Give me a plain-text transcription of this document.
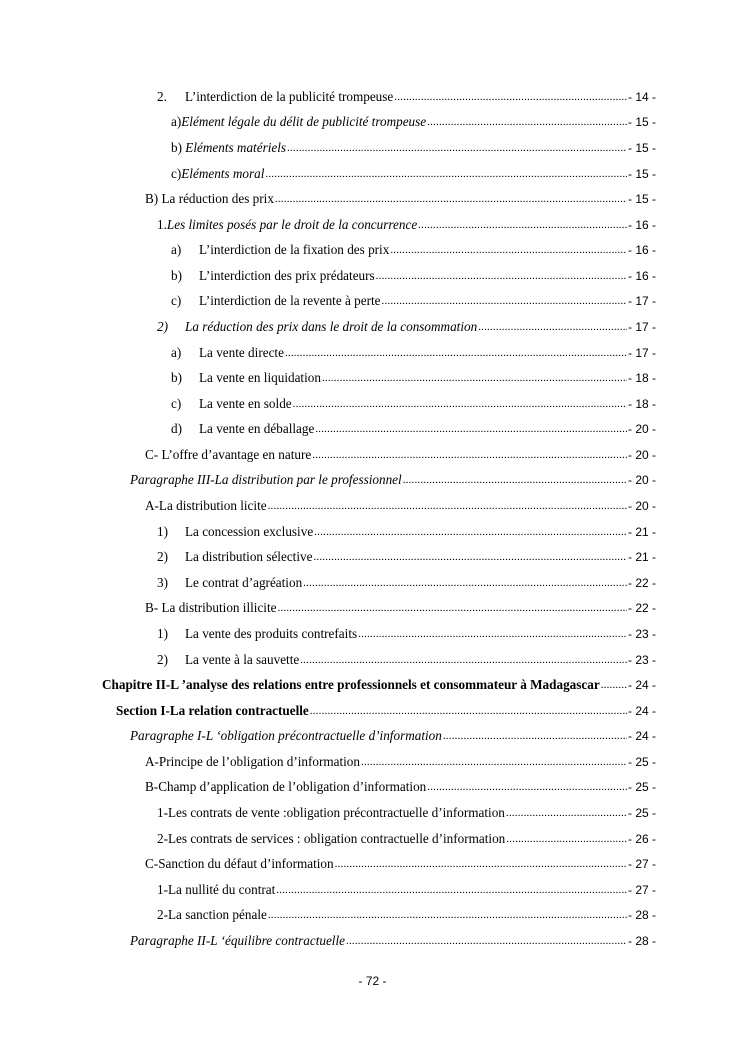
2. L’interdiction de la publicité trompeuse .....	- 14 -
a)Elément légale du délit de publicité trompeuse .....	- 15 -
b) Eléments matériels .....	- 15 -
c)Eléments moral .....	- 15 -
B) La réduction des prix .....	- 15 -
1.Les limites posés par le droit de la concurrence .....	- 16 -
a) L’interdiction de la fixation des prix .....	- 16 -
b) L’interdiction des prix prédateurs .....	- 16 -
c) L’interdiction de la revente à perte .....	- 17 -
2) La réduction des prix dans le droit de la consommation .....	- 17 -
a) La vente directe .....	- 17 -
b) La vente en liquidation .....	- 18 -
c) La vente en solde .....	- 18 -
d) La vente en déballage .....	- 20 -
C- L’offre d’avantage en nature .....	- 20 -
Paragraphe III-La distribution par le professionnel .....	- 20 -
A-La distribution licite .....	- 20 -
1) La concession exclusive .....	- 21 -
2) La distribution sélective .....	- 21 -
3) Le contrat d’agréation .....	- 22 -
B- La distribution illicite .....	- 22 -
1) La vente des produits contrefaits .....	- 23 -
2) La vente à la sauvette .....	- 23 -
Chapitre II-L ’analyse des relations entre professionnels et consommateur à Madagascar ..... - 24 -
Section I-La relation contractuelle .....	- 24 -
Paragraphe I-L ‘obligation précontractuelle d’information .....	- 24 -
A-Principe de l’obligation d’information .....	- 25 -
B-Champ d’application de l’obligation d’information .....	- 25 -
1-Les contrats de vente :obligation précontractuelle d’information .....	- 25 -
2-Les contrats de services : obligation contractuelle d’information .....	- 26 -
C-Sanction du défaut d’information .....	- 27 -
1-La nullité du contrat .....	- 27 -
2-La sanction pénale .....	- 28 -
Paragraphe II-L ‘équilibre contractuelle .....	- 28 -
- 72 -
